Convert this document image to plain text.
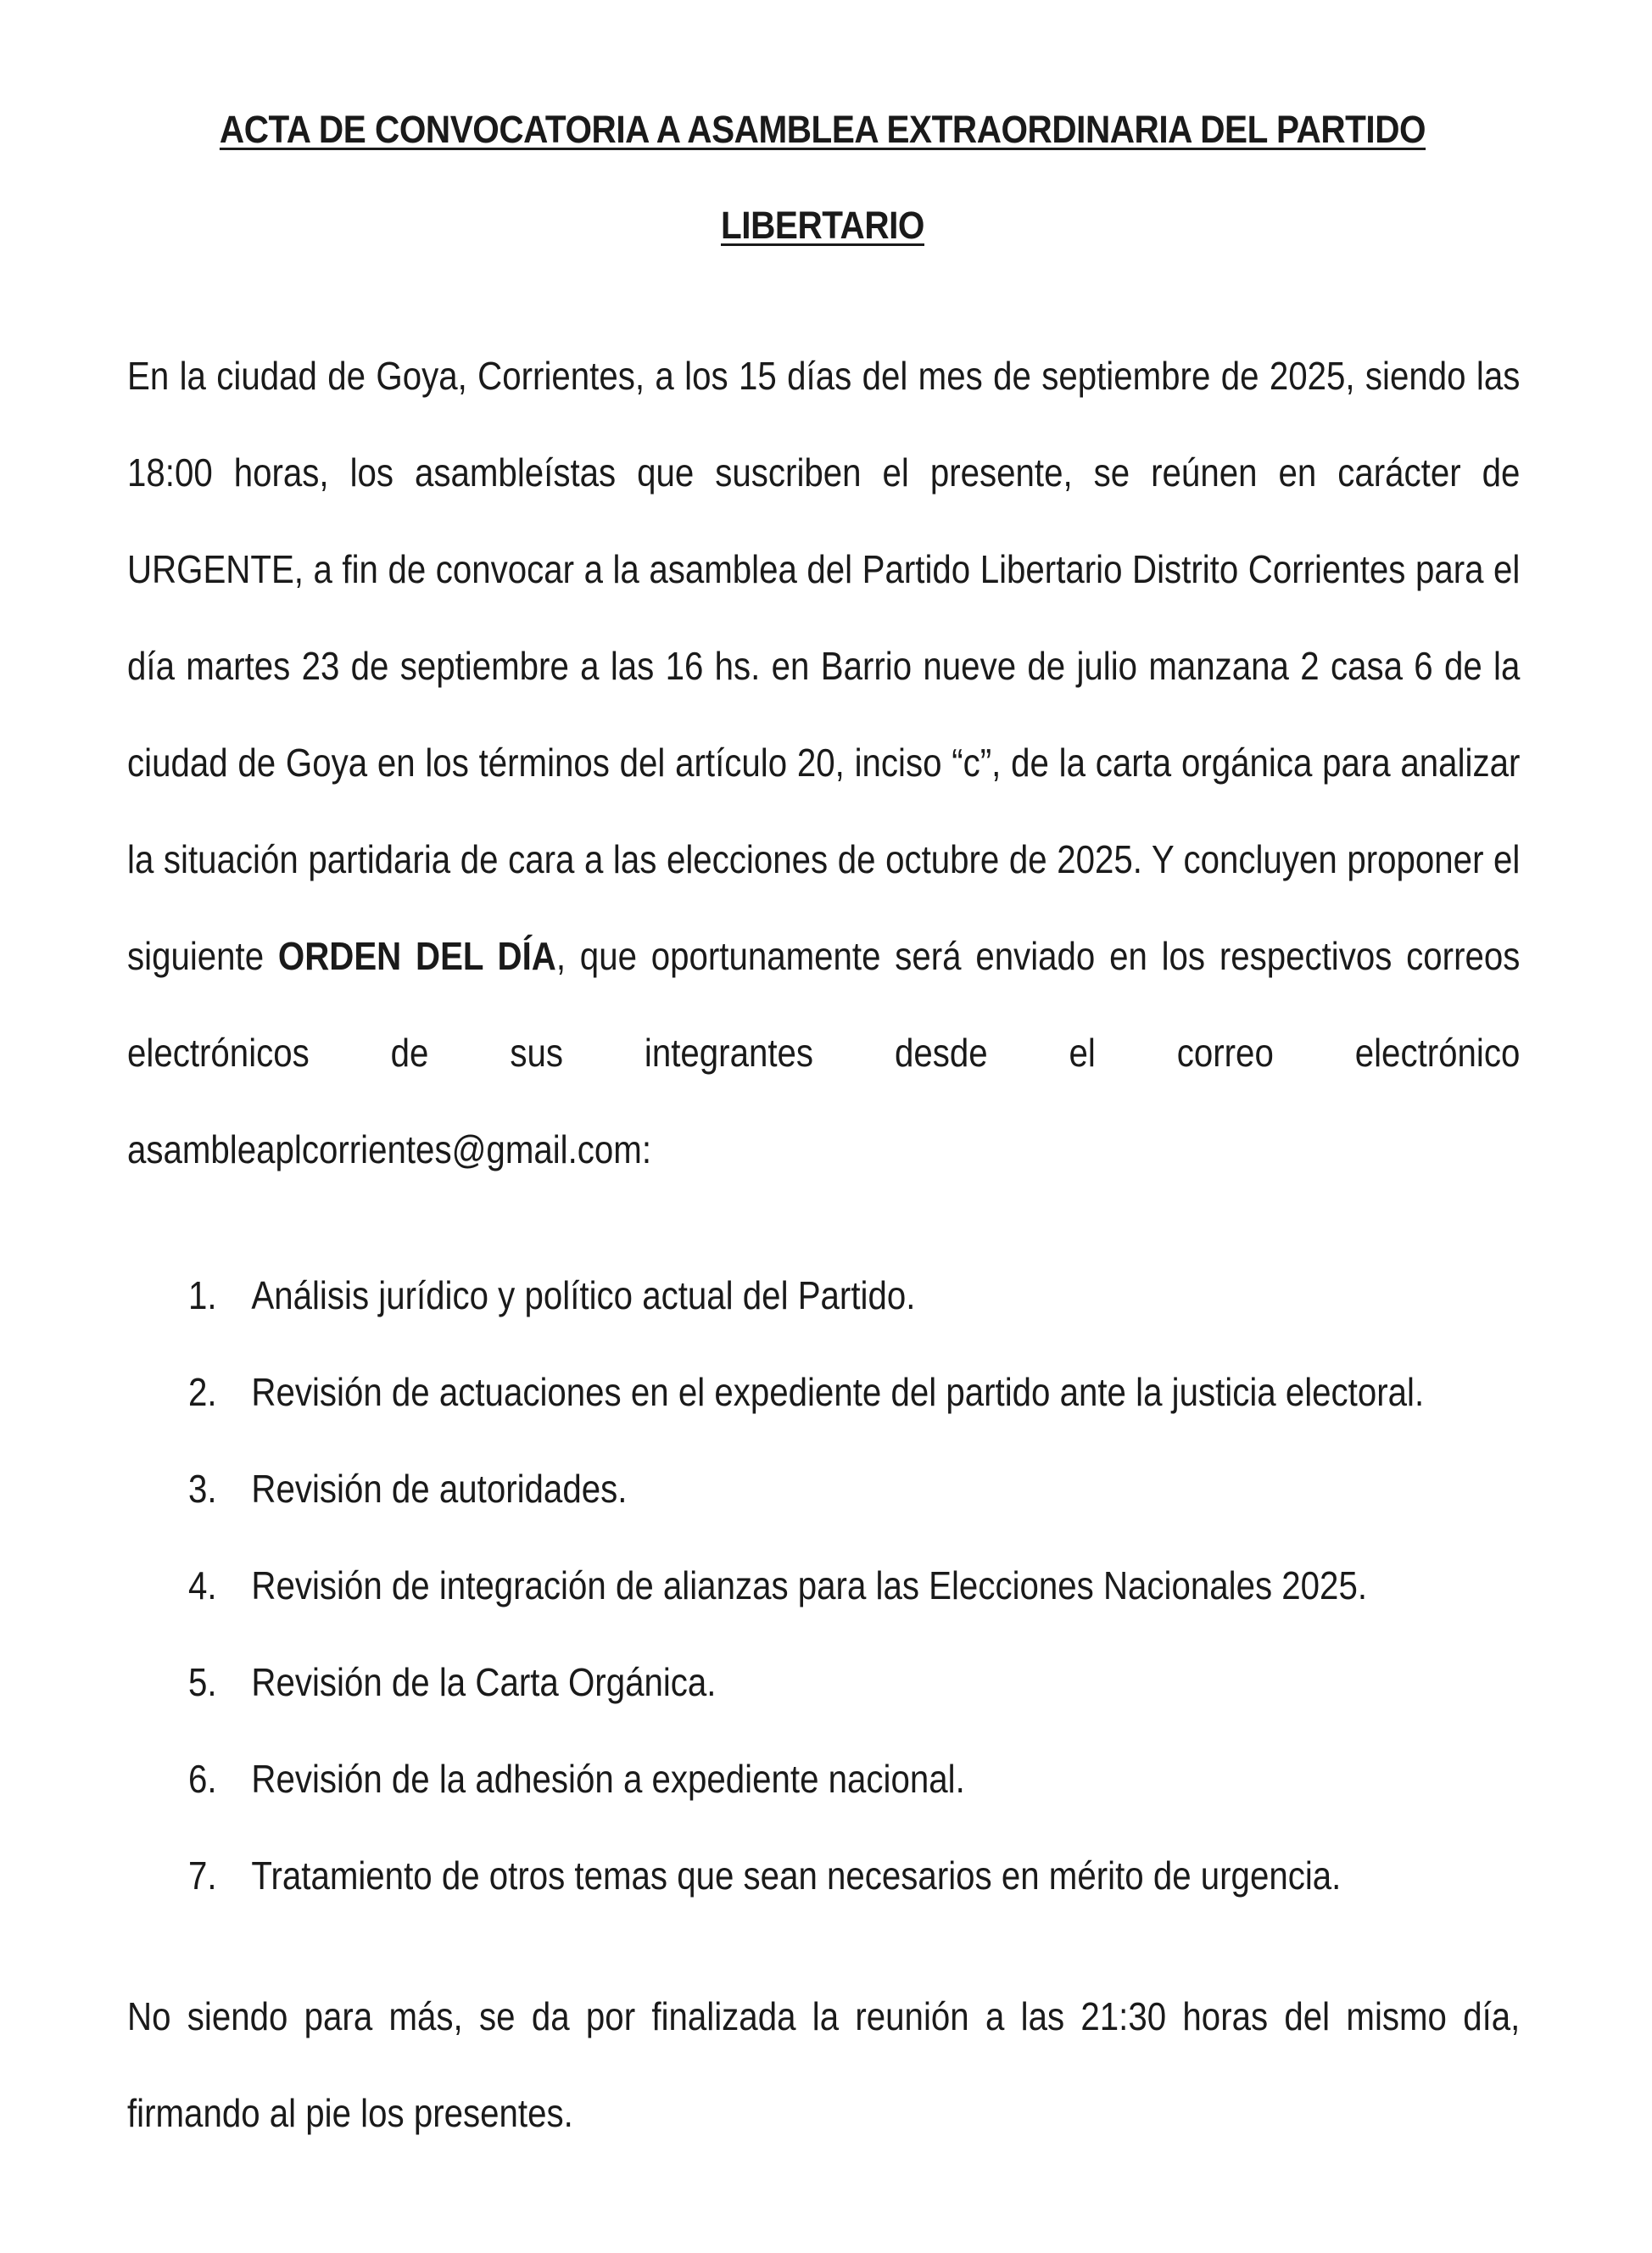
ACTA DE CONVOCATORIA A ASAMBLEA EXTRAORDINARIA DEL PARTIDO
LIBERTARIO
En la ciudad de Goya, Corrientes, a los 15 días del mes de septiembre de 2025, siendo las
18:00 horas, los asambleístas que suscriben el presente, se reúnen en carácter de
URGENTE, a fin de convocar a la asamblea del Partido Libertario Distrito Corrientes para el
día martes 23 de septiembre a las 16 hs. en Barrio nueve de julio manzana 2 casa 6 de la
ciudad de Goya en los términos del artículo 20, inciso “c”, de la carta orgánica para analizar
la situación partidaria de cara a las elecciones de octubre de 2025. Y concluyen proponer el
siguiente ORDEN DEL DÍA, que oportunamente será enviado en los respectivos correos
electrónicos de sus integrantes desde el correo electrónico
asambleaplcorrientes@gmail.com:
1. Análisis jurídico y político actual del Partido.
2. Revisión de actuaciones en el expediente del partido ante la justicia electoral.
3. Revisión de autoridades.
4. Revisión de integración de alianzas para las Elecciones Nacionales 2025.
5. Revisión de la Carta Orgánica.
6. Revisión de la adhesión a expediente nacional.
7. Tratamiento de otros temas que sean necesarios en mérito de urgencia.
No siendo para más, se da por finalizada la reunión a las 21:30 horas del mismo día,
firmando al pie los presentes.
